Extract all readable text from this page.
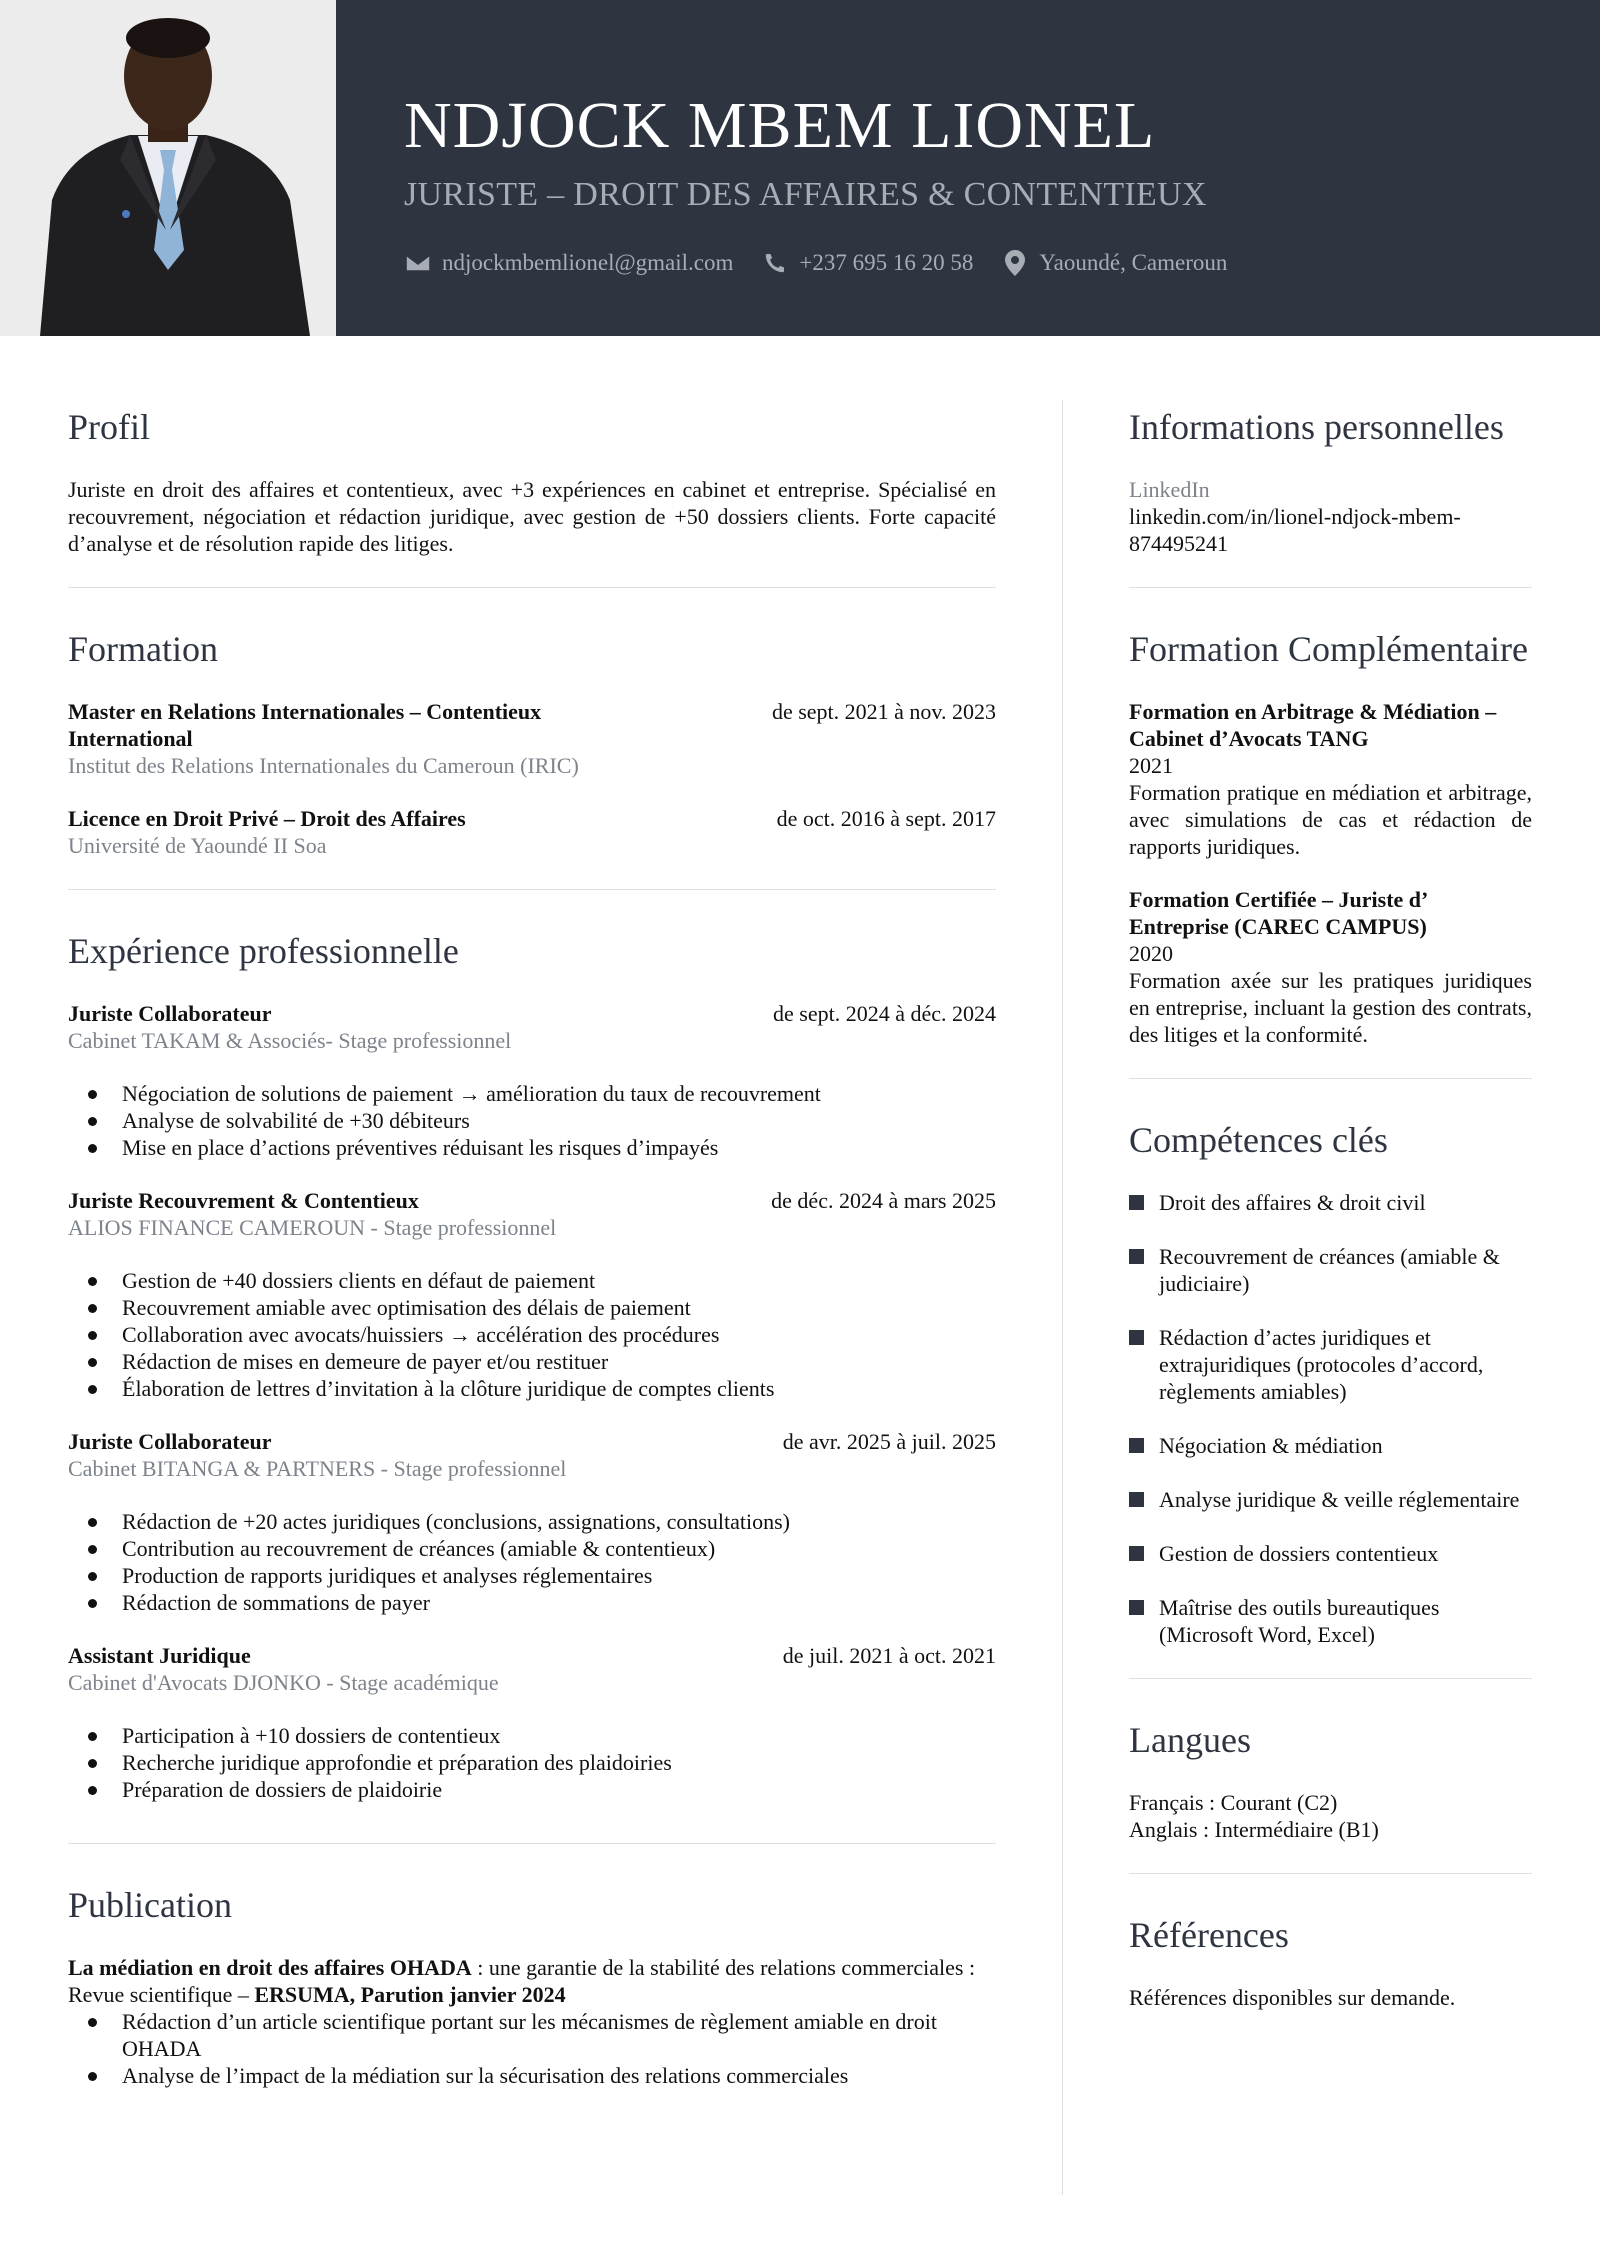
NDJOCK MBEM LIONEL
JURISTE – DROIT DES AFFAIRES & CONTENTIEUX
ndjockmbemlionel@gmail.com	+237 695 16 20 58	Yaoundé, Cameroun
Profil

Juriste en droit des affaires et contentieux, avec +3 expériences en cabinet et entreprise. Spécialisé en recouvrement, négociation et rédaction juridique, avec gestion de +50 dossiers clients. Forte capacité d’analyse et de résolution rapide des litiges.

Formation
Master en Relations Internationales – Contentieux International
de sept. 2021 à nov. 2023
Institut des Relations Internationales du Cameroun (IRIC)
Licence en Droit Privé – Droit des Affaires	de oct. 2016 à sept. 2017
Université de Yaoundé II Soa
Expérience professionnelle
Juriste Collaborateur	de sept. 2024 à déc. 2024
Cabinet TAKAM & Associés- Stage professionnel
Négociation de solutions de paiement → amélioration du taux de recouvrement
Analyse de solvabilité de +30 débiteurs
Mise en place d’actions préventives réduisant les risques d’impayés
Juriste Recouvrement & Contentieux	de déc. 2024 à mars 2025
ALIOS FINANCE CAMEROUN - Stage professionnel
Gestion de +40 dossiers clients en défaut de paiement
Recouvrement amiable avec optimisation des délais de paiement
Collaboration avec avocats/huissiers → accélération des procédures
Rédaction de mises en demeure de payer et/ou restituer
Élaboration de lettres d’invitation à la clôture juridique de comptes clients
Juriste Collaborateur	de avr. 2025 à juil. 2025
Cabinet BITANGA & PARTNERS - Stage professionnel
Rédaction de +20 actes juridiques (conclusions, assignations, consultations)
Contribution au recouvrement de créances (amiable & contentieux)
Production de rapports juridiques et analyses réglementaires
Rédaction de sommations de payer
Assistant Juridique	de juil. 2021 à oct. 2021
Cabinet d'Avocats DJONKO - Stage académique
Participation à +10 dossiers de contentieux
Recherche juridique approfondie et préparation des plaidoiries
Préparation de dossiers de plaidoirie
Publication

La médiation en droit des affaires OHADA : une garantie de la stabilité des relations commerciales : Revue scientifique – ERSUMA, Parution janvier 2024

Rédaction d’un article scientifique portant sur les mécanismes de règlement amiable en droit OHADA
Analyse de l’impact de la médiation sur la sécurisation des relations commerciales
Informations personnelles
LinkedIn
linkedin.com/in/lionel-ndjock-mbem-874495241
Formation Complémentaire
Formation en Arbitrage & Médiation – Cabinet d’Avocats TANG
2021
Formation pratique en médiation et arbitrage, avec simulations de cas et rédaction de rapports juridiques.
Formation Certifiée – Juriste d’ Entreprise (CAREC CAMPUS)
2020
Formation axée sur les pratiques juridiques en entreprise, incluant la gestion des contrats, des litiges et la conformité.
Compétences clés
Droit des affaires & droit civil
Recouvrement de créances (amiable & judiciaire)
Rédaction d’actes juridiques et extrajuridiques (protocoles d’accord, règlements amiables)
Négociation & médiation
Analyse juridique & veille réglementaire
Gestion de dossiers contentieux
Maîtrise des outils bureautiques (Microsoft Word, Excel)
Langues
Français : Courant (C2)
Anglais : Intermédiaire (B1)
Références
Références disponibles sur demande.
